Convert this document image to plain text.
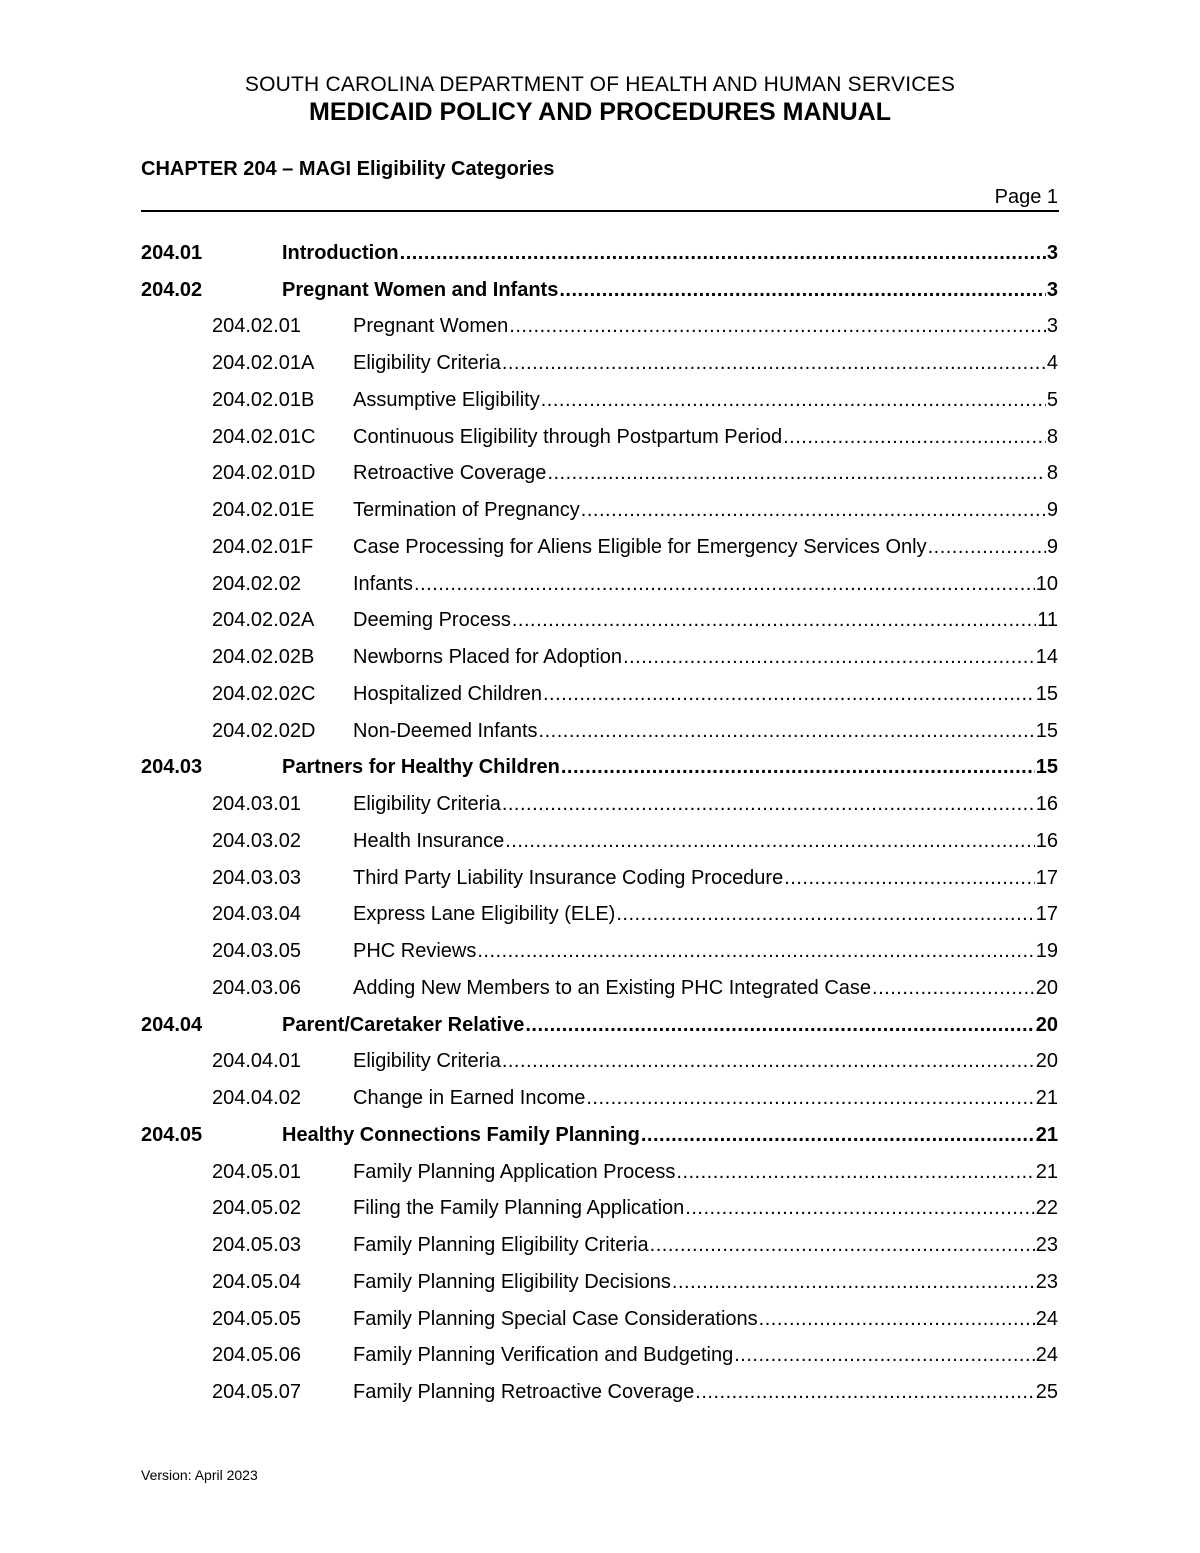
SOUTH CAROLINA DEPARTMENT OF HEALTH AND HUMAN SERVICES
MEDICAID POLICY AND PROCEDURES MANUAL
CHAPTER 204 – MAGI Eligibility Categories
Page 1
204.01	Introduction .....	3
204.02	Pregnant Women and Infants .....	3
204.02.01	Pregnant Women .....	3
204.02.01A	Eligibility Criteria .....	4
204.02.01B	Assumptive Eligibility .....	5
204.02.01C	Continuous Eligibility through Postpartum Period .....	8
204.02.01D	Retroactive Coverage .....	8
204.02.01E	Termination of Pregnancy .....	9
204.02.01F	Case Processing for Aliens Eligible for Emergency Services Only .....	9
204.02.02	Infants .....	10
204.02.02A	Deeming Process .....	11
204.02.02B	Newborns Placed for Adoption .....	14
204.02.02C	Hospitalized Children .....	15
204.02.02D	Non-Deemed Infants .....	15
204.03	Partners for Healthy Children .....	15
204.03.01	Eligibility Criteria .....	16
204.03.02	Health Insurance .....	16
204.03.03	Third Party Liability Insurance Coding Procedure .....	17
204.03.04	Express Lane Eligibility (ELE) .....	17
204.03.05	PHC Reviews .....	19
204.03.06	Adding New Members to an Existing PHC Integrated Case .....	20
204.04	Parent/Caretaker Relative .....	20
204.04.01	Eligibility Criteria .....	20
204.04.02	Change in Earned Income .....	21
204.05	Healthy Connections Family Planning .....	21
204.05.01	Family Planning Application Process .....	21
204.05.02	Filing the Family Planning Application .....	22
204.05.03	Family Planning Eligibility Criteria .....	23
204.05.04	Family Planning Eligibility Decisions .....	23
204.05.05	Family Planning Special Case Considerations .....	24
204.05.06	Family Planning Verification and Budgeting .....	24
204.05.07	Family Planning Retroactive Coverage .....	25
Version: April 2023
